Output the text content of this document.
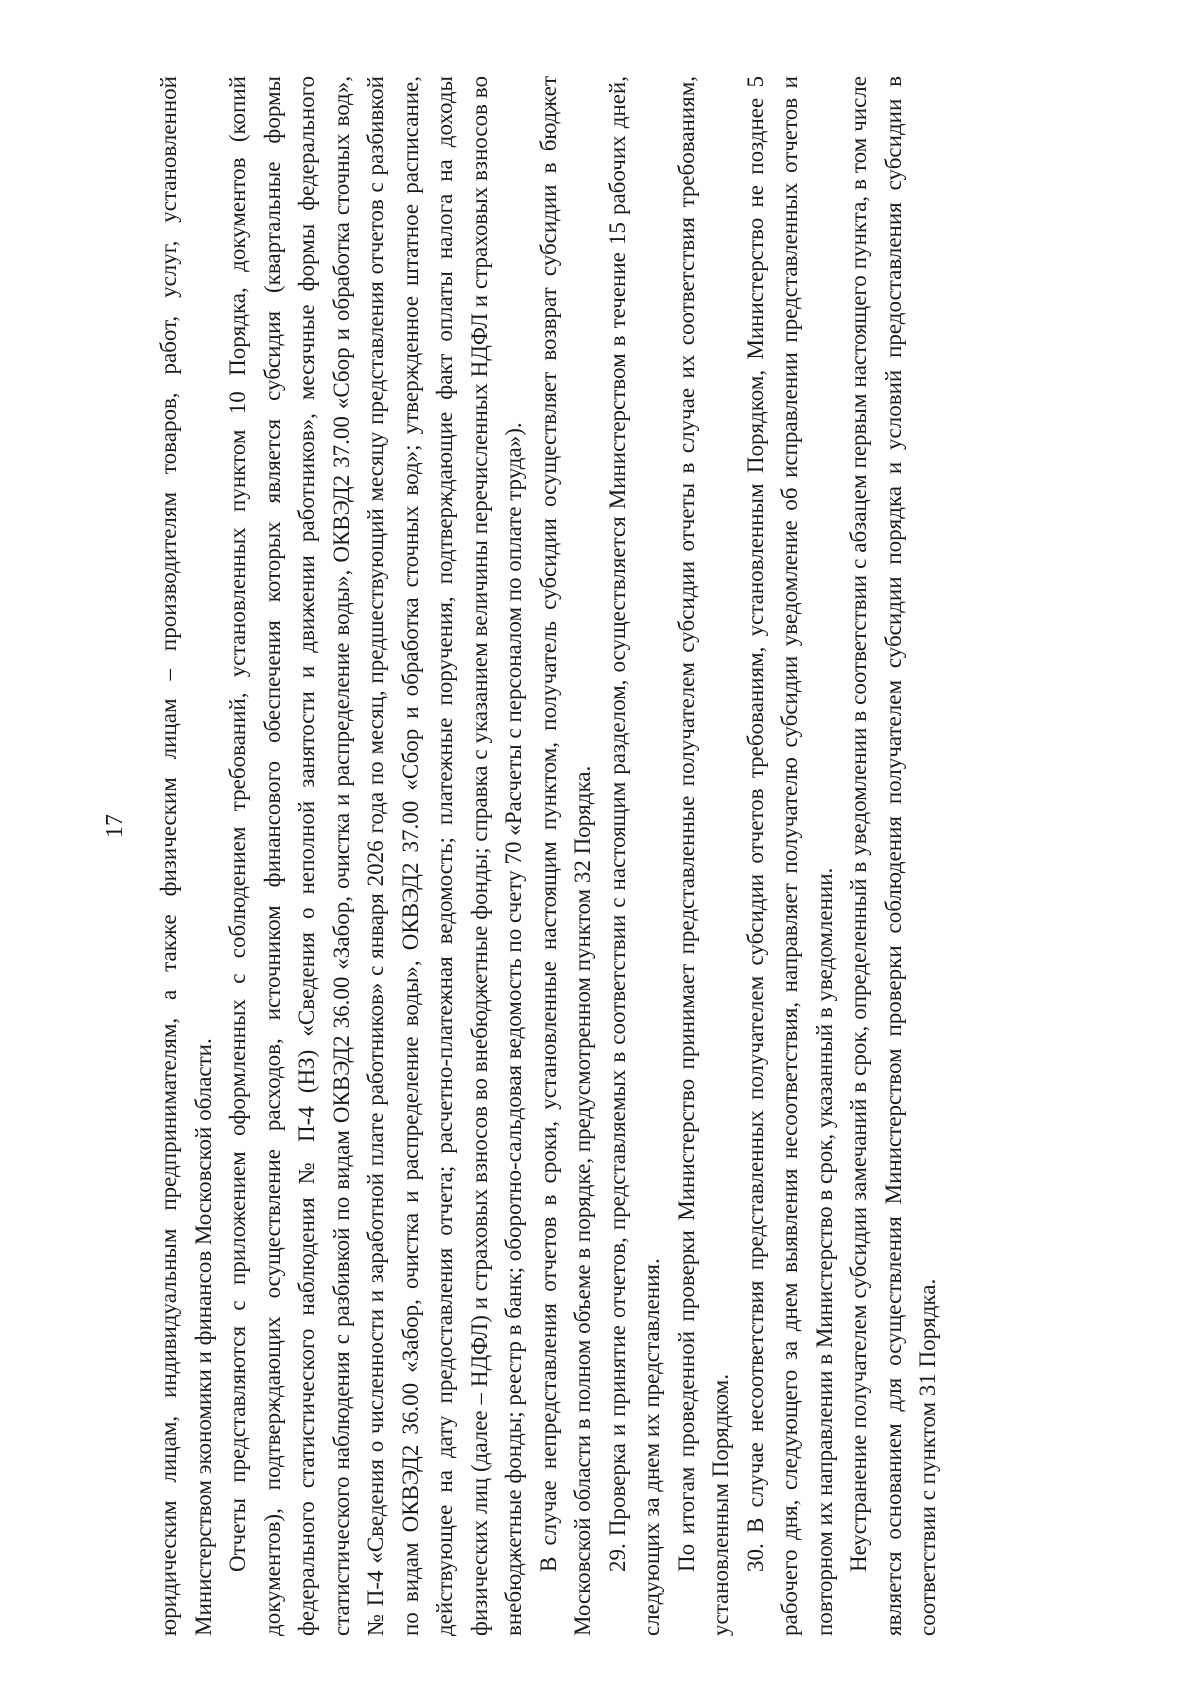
17 юридическим лицам, индивидуальным предпринимателям, а также физическим лицам – производителям товаров, работ, услуг, установленной Министерством экономики и финансов Московской области. Отчеты представляются с приложением оформленных с соблюдением требований, установленных пунктом 10 Порядка, документов (копий документов), подтверждающих осуществление расходов, источником финансового обеспечения которых является субсидия (квартальные формы федерального статистического наблюдения № П-4 (НЗ) «Сведения о неполной занятости и движении работников», месячные формы федерального статистического наблюдения с разбивкой по видам ОКВЭД2 36.00 «Забор, очистка и распределение воды», ОКВЭД2 37.00 «Сбор и обработка сточных вод», № П-4 «Сведения о численности и заработной плате работников» с января 2026 года по месяц, предшествующий месяцу представления отчетов с разбивкой по видам ОКВЭД2 36.00 «Забор, очистка и распределение воды», ОКВЭД2 37.00 «Сбор и обработка сточных вод»; утвержденное штатное расписание, действующее на дату предоставления отчета; расчетно-платежная ведомость; платежные поручения, подтверждающие факт оплаты налога на доходы физических лиц (далее – НДФЛ) и страховых взносов во внебюджетные фонды; справка с указанием величины перечисленных НДФЛ и страховых взносов во внебюджетные фонды; реестр в банк; оборотно-сальдовая ведомость по счету 70 «Расчеты с персоналом по оплате труда»). В случае непредставления отчетов в сроки, установленные настоящим пунктом, получатель субсидии осуществляет возврат субсидии в бюджет Московской области в полном объеме в порядке, предусмотренном пунктом 32 Порядка. 29. Проверка и принятие отчетов, представляемых в соответствии с настоящим разделом, осуществляется Министерством в течение 15 рабочих дней, следующих за днем их представления. По итогам проведенной проверки Министерство принимает представленные получателем субсидии отчеты в случае их соответствия требованиям, установленным Порядком. 30. В случае несоответствия представленных получателем субсидии отчетов требованиям, установленным Порядком, Министерство не позднее 5 рабочего дня, следующего за днем выявления несоответствия, направляет получателю субсидии уведомление об исправлении представленных отчетов и повторном их направлении в Министерство в срок, указанный в уведомлении. Неустранение получателем субсидии замечаний в срок, определенный в уведомлении в соответствии с абзацем первым настоящего пункта, в том числе является основанием для осуществления Министерством проверки соблюдения получателем субсидии порядка и условий предоставления субсидии в соответствии с пунктом 31 Порядка.
